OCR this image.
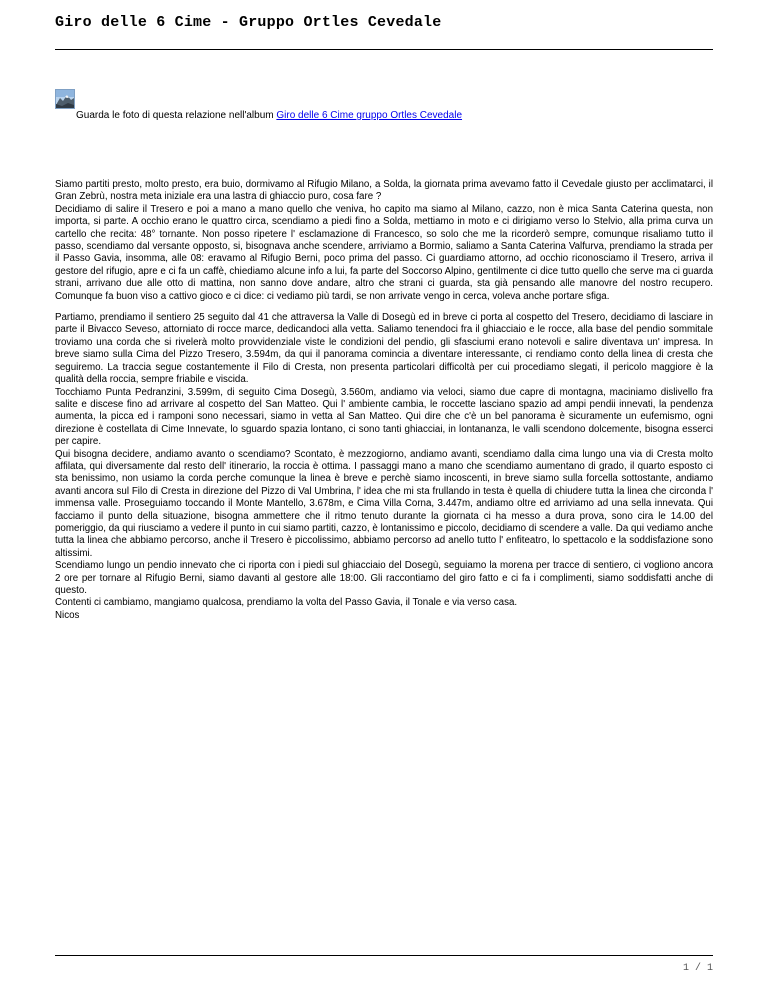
Giro delle 6 Cime - Gruppo Ortles Cevedale
Guarda le foto di questa relazione nell'album Giro delle 6 Cime gruppo Ortles Cevedale

Siamo partiti presto, molto presto, era buio, dormivamo al Rifugio Milano, a Solda, la giornata prima avevamo fatto il Cevedale giusto per acclimatarci, il Gran Zebrù, nostra meta iniziale era una lastra di ghiaccio puro, cosa fare ?
Decidiamo di salire il Tresero e poi a mano a mano quello che veniva, ho capito ma siamo al Milano, cazzo, non è mica Santa Caterina questa, non importa, si parte. A occhio erano le quattro circa, scendiamo a piedi fino a Solda, mettiamo in moto e ci dirigiamo verso lo Stelvio, alla prima curva un cartello che recita: 48° tornante. Non posso ripetere l' esclamazione di Francesco, so solo che me la ricorderò sempre, comunque risaliamo tutto il passo, scendiamo dal versante opposto, si, bisognava anche scendere, arriviamo a Bormio, saliamo a Santa Caterina Valfurva, prendiamo la strada per il Passo Gavia, insomma, alle 08: eravamo al Rifugio Berni, poco prima del passo. Ci guardiamo attorno, ad occhio riconosciamo il Tresero, arriva il gestore del rifugio, apre e ci fa un caffè, chiediamo alcune info a lui, fa parte del Soccorso Alpino, gentilmente ci dice tutto quello che serve ma ci guarda strani, arrivano due alle otto di mattina, non sanno dove andare, altro che strani ci guarda, sta già pensando alle manovre del nostro recupero. Comunque fa buon viso a cattivo gioco e ci dice: ci vediamo più tardi, se non arrivate vengo in cerca, voleva anche portare sfiga.

Partiamo, prendiamo il sentiero 25 seguito dal 41 che attraversa la Valle di Dosegù ed in breve ci porta al cospetto del Tresero, decidiamo di lasciare in parte il Bivacco Seveso, attorniato di rocce marce, dedicandoci alla vetta. Saliamo tenendoci fra il ghiacciaio e le rocce, alla base del pendio sommitale troviamo una corda che si rivelerà molto provvidenziale viste le condizioni del pendio, gli sfasciumi erano notevoli e salire diventava un' impresa. In breve siamo sulla Cima del Pizzo Tresero, 3.594m, da qui il panorama comincia a diventare interessante, ci rendiamo conto della linea di cresta che seguiremo. La traccia segue costantemente il Filo di Cresta, non presenta particolari difficoltà per cui procediamo slegati, il pericolo maggiore è la qualità della roccia, sempre friabile e viscida.
Tocchiamo Punta Pedranzini, 3.599m, di seguito Cima Dosegù, 3.560m, andiamo via veloci, siamo due capre di montagna, maciniamo dislivello fra salite e discese fino ad arrivare al cospetto del San Matteo. Qui l' ambiente cambia, le roccette lasciano spazio ad ampi pendii innevati, la pendenza aumenta, la picca ed i ramponi sono necessari, siamo in vetta al San Matteo. Qui dire che c'è un bel panorama è sicuramente un eufemismo, ogni direzione è costellata di Cime Innevate, lo sguardo spazia lontano, ci sono tanti ghiacciai, in lontananza, le valli scendono dolcemente, bisogna esserci per capire.
Qui bisogna decidere, andiamo avanto o scendiamo? Scontato, è mezzogiorno, andiamo avanti, scendiamo dalla cima lungo una via di Cresta molto affilata, qui diversamente dal resto dell' itinerario, la roccia è ottima. I passaggi mano a mano che scendiamo aumentano di grado, il quarto esposto ci sta benissimo, non usiamo la corda perche comunque la linea è breve e perchè siamo incoscenti, in breve siamo sulla forcella sottostante, andiamo avanti ancora sul Filo di Cresta in direzione del Pizzo di Val Umbrina, l' idea che mi sta frullando in testa è quella di chiudere tutta la linea che circonda l' immensa valle. Proseguiamo toccando il Monte Mantello, 3.678m, e Cima Villa Corna, 3.447m, andiamo oltre ed arriviamo ad una sella innevata. Qui facciamo il punto della situazione, bisogna ammettere che il ritmo tenuto durante la giornata ci ha messo a dura prova, sono cira le 14.00 del pomeriggio, da qui riusciamo a vedere il punto in cui siamo partiti, cazzo, è lontanissimo e piccolo, decidiamo di scendere a valle. Da qui vediamo anche tutta la linea che abbiamo percorso, anche il Tresero è piccolissimo, abbiamo percorso ad anello tutto l' enfiteatro, lo spettacolo e la soddisfazione sono altissimi.
Scendiamo lungo un pendio innevato che ci riporta con i piedi sul ghiacciaio del Dosegù, seguiamo la morena per tracce di sentiero, ci vogliono ancora 2 ore per tornare al Rifugio Berni, siamo davanti al gestore alle 18:00. Gli raccontiamo del giro fatto e ci fa i complimenti, siamo soddisfatti anche di questo.
Contenti ci cambiamo, mangiamo qualcosa, prendiamo la volta del Passo Gavia, il Tonale e via verso casa.
Nicos

1 / 1
